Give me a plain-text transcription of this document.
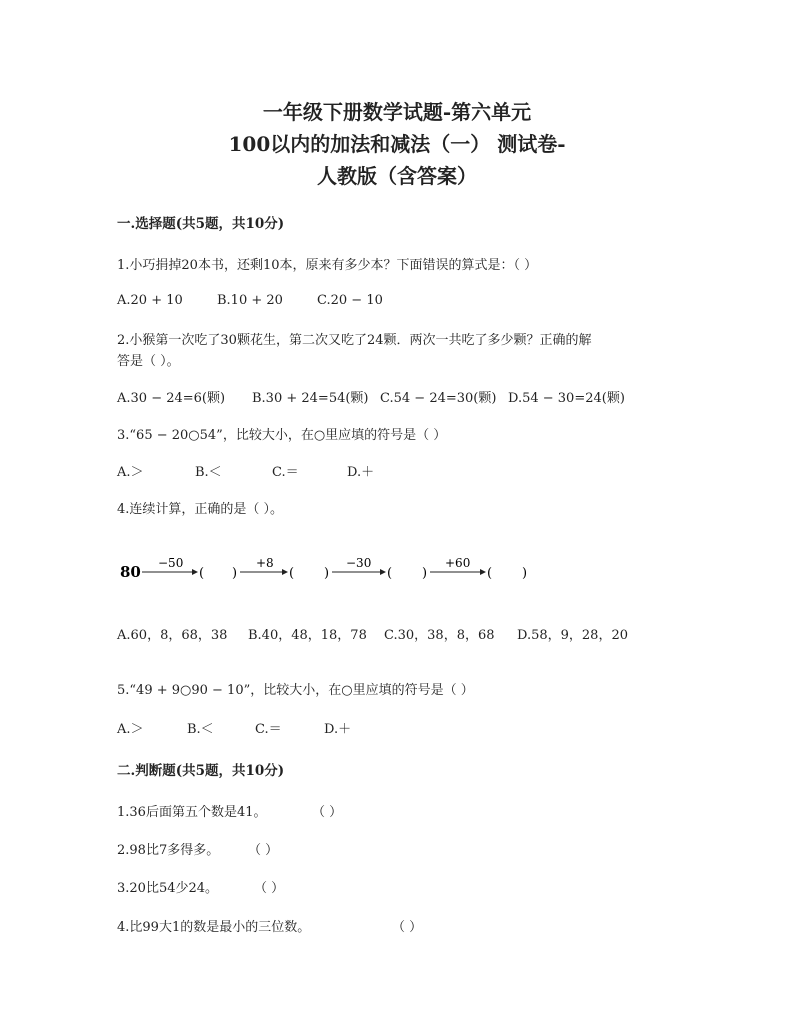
一年级下册数学试题-第六单元
100以内的加法和减法（一） 测试卷-
人教版（含答案）
一.选择题(共5题，共10分)
1.小巧捐掉20本书，还剩10本，原来有多少本？下面错误的算式是：（ ）
A.20 + 10	B.10 + 20	C.20 − 10
2.小猴第一次吃了30颗花生，第二次又吃了24颗．两次一共吃了多少颗？正确的解
答是（ ）。
A.30 − 24=6(颗) B.30 + 24=54(颗) C.54 − 24=30(颗) D.54 − 30=24(颗)
3.“65 − 20○54”，比较大小，在○里应填的符号是（ ）
A.＞	B.＜	C.＝	D.＋
4.连续计算，正确的是（ ）。
80 −50
( )
+8
( )
−30
( )
+60
( )
A.60，8，68，38 B.40，48，18，78 C.30，38，8，68 D.58，9，28，20
5.“49 + 9○90 − 10”，比较大小，在○里应填的符号是（ ）
A.＞	B.＜	C.＝	D.＋
二.判断题(共5题，共10分)
1.36后面第五个数是41。	（ ）
2.98比7多得多。 （ ）
3.20比54少24。	（ ）
4.比99大1的数是最小的三位数。	（ ）
